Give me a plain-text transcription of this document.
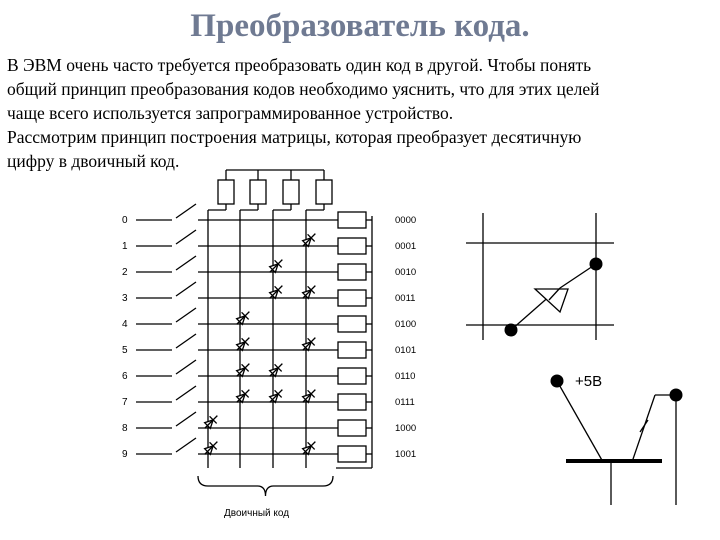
Преобразователь кода.

В ЭВМ очень часто требуется преобразовать один код в другой. Чтобы понять
общий принцип преобразования кодов необходимо уяснить, что для этих целей
чаще всего используется запрограммированное устройство.
Рассмотрим принцип построения матрицы, которая преобразует десятичную
цифру в двоичный код.

0	0000
1	0001
2	0010
3	0011
4	0100
5	0101
6	0110
7	0111
8	1000
9	1001
Двоичный код
+5В
